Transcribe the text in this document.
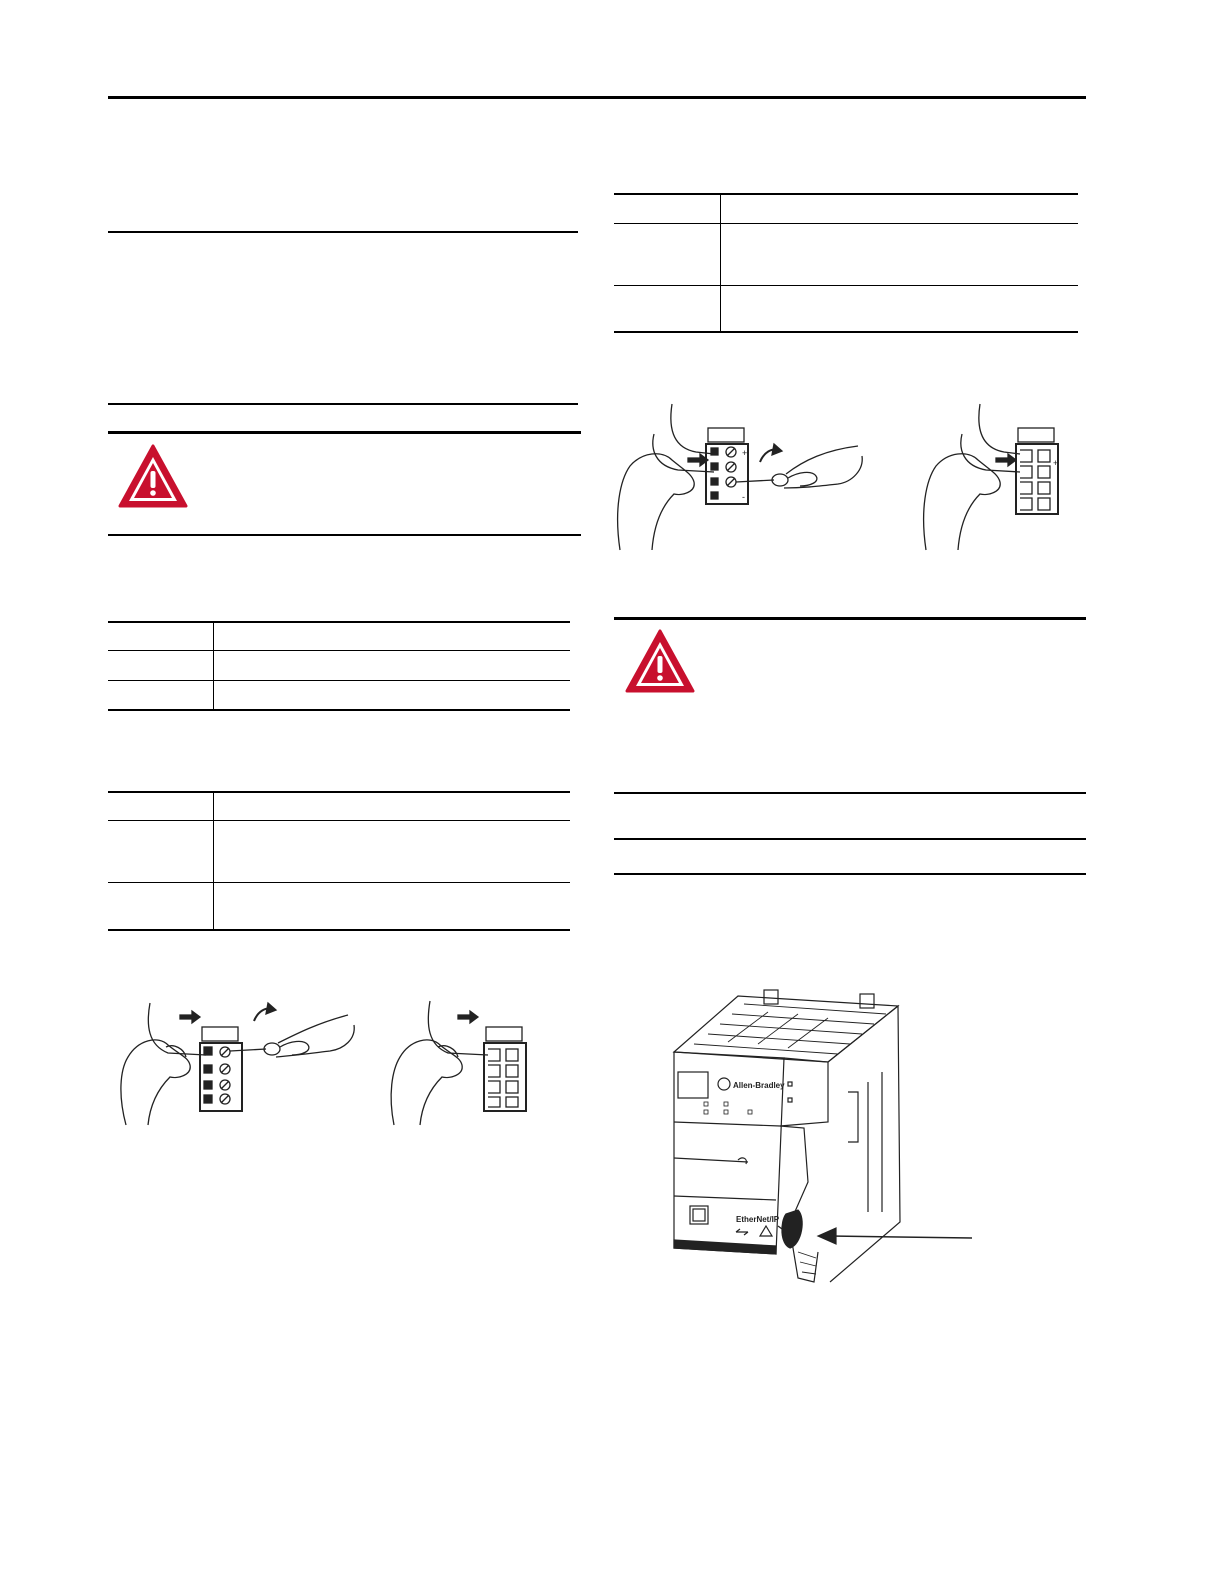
+
-
+
Allen-Bradley
EtherNet/IP
